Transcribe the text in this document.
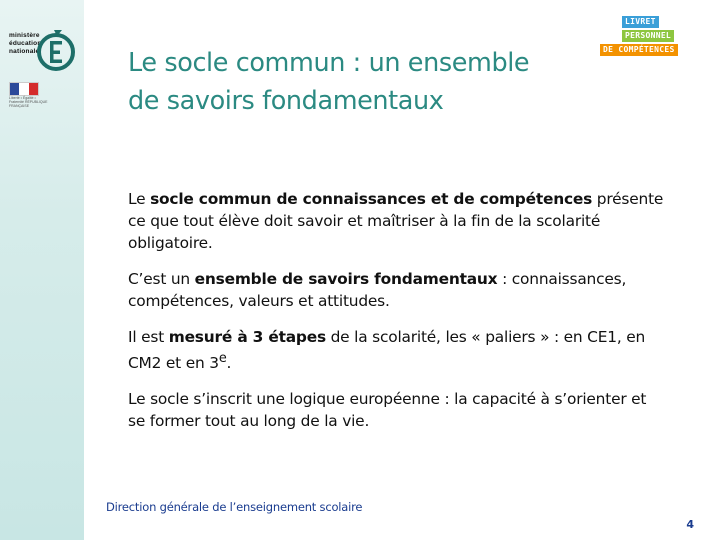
ministère
éducation
nationale
Liberté • Égalité • Fraternité RÉPUBLIQUE FRANÇAISE
Le socle commun : un ensemble
de savoirs fondamentaux
LIVRET
PERSONNEL
DE COMPÉTENCES

Le socle commun de connaissances et de compétences présente ce que tout élève doit savoir et maîtriser à la fin de la scolarité obligatoire.

C’est un ensemble de savoirs fondamentaux : connaissances, compétences, valeurs et attitudes.

Il est mesuré à 3 étapes de la scolarité, les « paliers » : en CE1, en CM2 et en 3e.

Le socle s’inscrit une logique européenne : la capacité à s’orienter et se former tout au long de la vie.

Direction générale de l’enseignement scolaire
4
